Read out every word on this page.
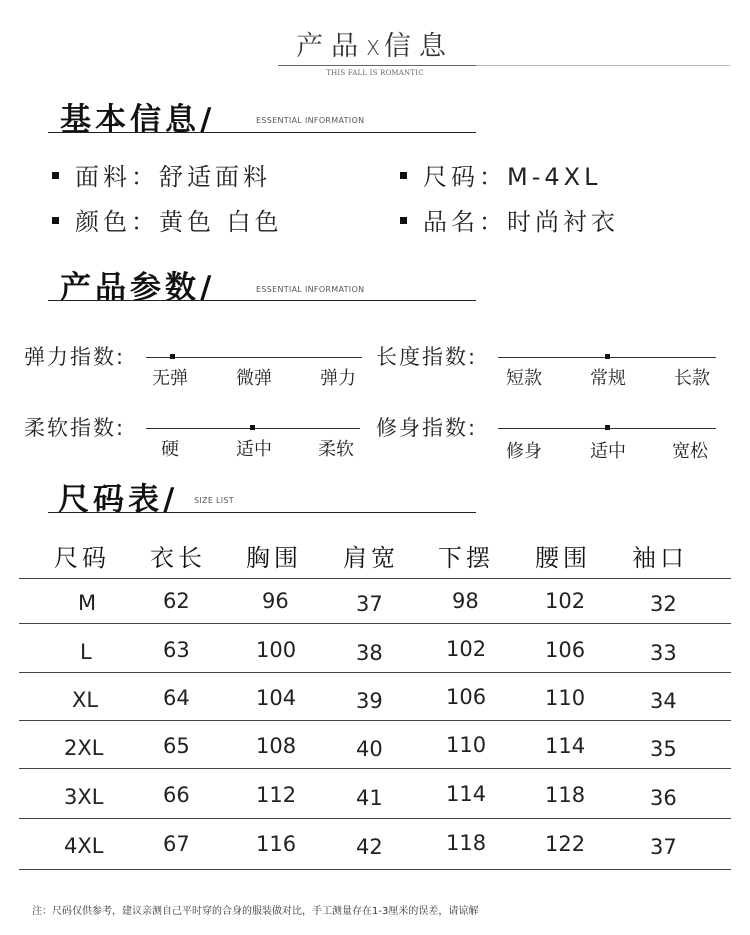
产品X信息
THIS FALL IS ROMANTIC
基本信息/	ESSENTIAL INFORMATION
面料：舒适面料	尺码：M-4XL
颜色：黄色 白色	品名：时尚衬衣
产品参数/	ESSENTIAL INFORMATION
弹力指数:
无弹	微弹	弹力
长度指数:
短款	常规	长款
柔软指数:
硬	适中	柔软
修身指数:
修身	适中	宽松
尺码表/ SIZE LIST
尺码 衣长 胸围 肩宽 下摆 腰围 袖口
M	62	96	37	98	102	32
L	63	100	38	102	106	33
XL	64	104	39	106	110	34
2XL	65	108	40	110	114	35
3XL	66	112	41	114	118	36
4XL	67	116	42	118	122	37
注：尺码仅供参考，建议亲测自己平时穿的合身的服装做对比，手工测量存在1-3厘米的误差，请谅解
